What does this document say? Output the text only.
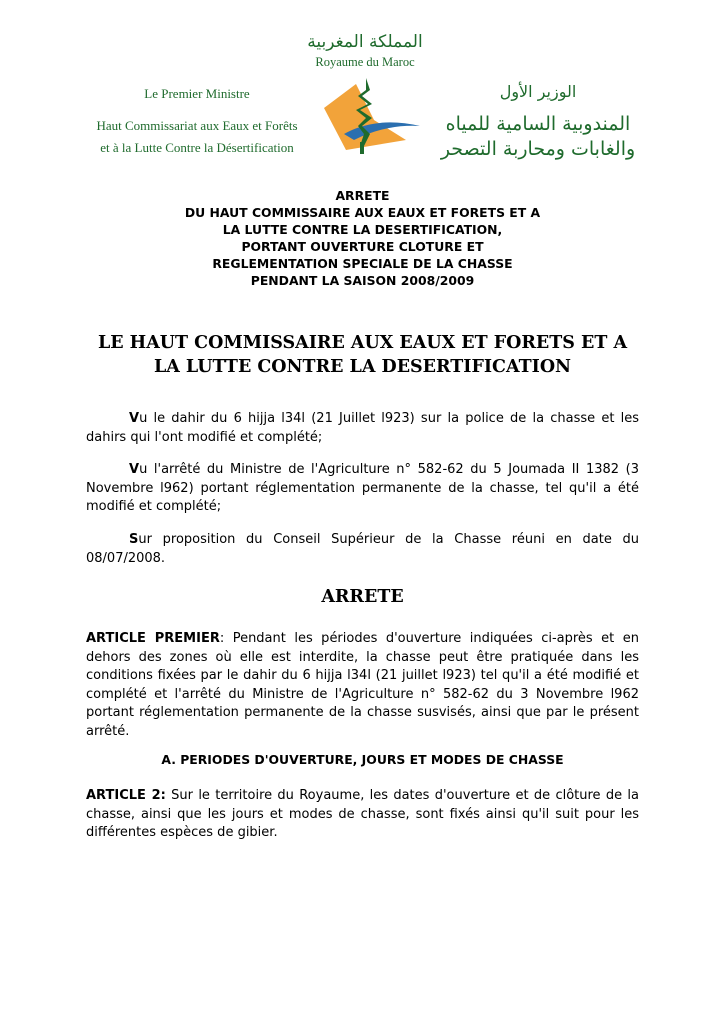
المملكة المغربية
Royaume du Maroc
Le Premier Ministre
Haut Commissariat aux Eaux et Forêts
et à la Lutte Contre la Désertification
الوزير الأول
المندوبية السامية للمياه
والغابات ومحاربة التصحر
ARRETE
DU HAUT COMMISSAIRE AUX EAUX ET FORETS ET A
LA LUTTE CONTRE LA DESERTIFICATION,
PORTANT OUVERTURE CLOTURE ET
REGLEMENTATION SPECIALE DE LA CHASSE
PENDANT LA SAISON 2008/2009
LE HAUT COMMISSAIRE AUX EAUX ET FORETS ET A
LA LUTTE CONTRE LA DESERTIFICATION
Vu le dahir du 6 hijja l34l (21 Juillet l923) sur la police de la chasse et les dahirs qui l'ont modifié et complété;
Vu l'arrêté du Ministre de l'Agriculture n° 582-62 du 5 Joumada II 1382 (3 Novembre l962) portant réglementation permanente de la chasse, tel qu'il a été modifié et complété;
Sur proposition du Conseil Supérieur de la Chasse réuni en date du 08/07/2008.
ARRETE
ARTICLE PREMIER: Pendant les périodes d'ouverture indiquées ci-après et en dehors des zones où elle est interdite, la chasse peut être pratiquée dans les conditions fixées par le dahir du 6 hijja l34l (21 juillet l923) tel qu'il a été modifié et complété et l'arrêté du Ministre de l'Agriculture n° 582-62 du 3 Novembre l962 portant réglementation permanente de la chasse susvisés, ainsi que par le présent arrêté.
A. PERIODES D'OUVERTURE, JOURS ET MODES DE CHASSE
ARTICLE 2: Sur le territoire du Royaume, les dates d'ouverture et de clôture de la chasse, ainsi que les jours et modes de chasse, sont fixés ainsi qu'il suit pour les différentes espèces de gibier.
